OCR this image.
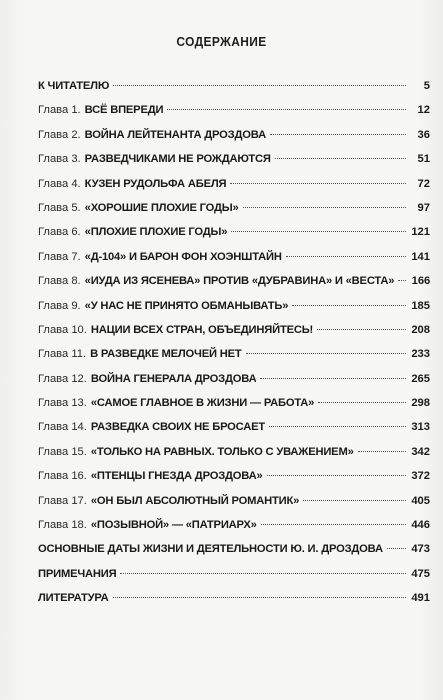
СОДЕРЖАНИЕ
К ЧИТАТЕЛЮ	5
Глава 1. ВСЁ ВПЕРЕДИ	12
Глава 2. ВОЙНА ЛЕЙТЕНАНТА ДРОЗДОВА	36
Глава 3. РАЗВЕДЧИКАМИ НЕ РОЖДАЮТСЯ	51
Глава 4. КУЗЕН РУДОЛЬФА АБЕЛЯ	72
Глава 5. «ХОРОШИЕ ПЛОХИЕ ГОДЫ»	97
Глава 6. «ПЛОХИЕ ПЛОХИЕ ГОДЫ»	121
Глава 7. «Д-104» И БАРОН ФОН ХОЭНШТАЙН	141
Глава 8. «ИУДА ИЗ ЯСЕНЕВА» ПРОТИВ «ДУБРАВИНА» И «ВЕСТА» 166
Глава 9. «У НАС НЕ ПРИНЯТО ОБМАНЫВАТЬ»	185
Глава 10. НАЦИИ ВСЕХ СТРАН, ОБЪЕДИНЯЙТЕСЬ!	208
Глава 11. В РАЗВЕДКЕ МЕЛОЧЕЙ НЕТ	233
Глава 12. ВОЙНА ГЕНЕРАЛА ДРОЗДОВА	265
Глава 13. «САМОЕ ГЛАВНОЕ В ЖИЗНИ — РАБОТА»	298
Глава 14. РАЗВЕДКА СВОИХ НЕ БРОСАЕТ	313
Глава 15. «ТОЛЬКО НА РАВНЫХ. ТОЛЬКО С УВАЖЕНИЕМ»	342
Глава 16. «ПТЕНЦЫ ГНЕЗДА ДРОЗДОВА»	372
Глава 17. «ОН БЫЛ АБСОЛЮТНЫЙ РОМАНТИК»	405
Глава 18. «ПОЗЫВНОЙ» — «ПАТРИАРХ»	446
ОСНОВНЫЕ ДАТЫ ЖИЗНИ И ДЕЯТЕЛЬНОСТИ Ю. И. ДРОЗДОВА	473
ПРИМЕЧАНИЯ	475
ЛИТЕРАТУРА	491
